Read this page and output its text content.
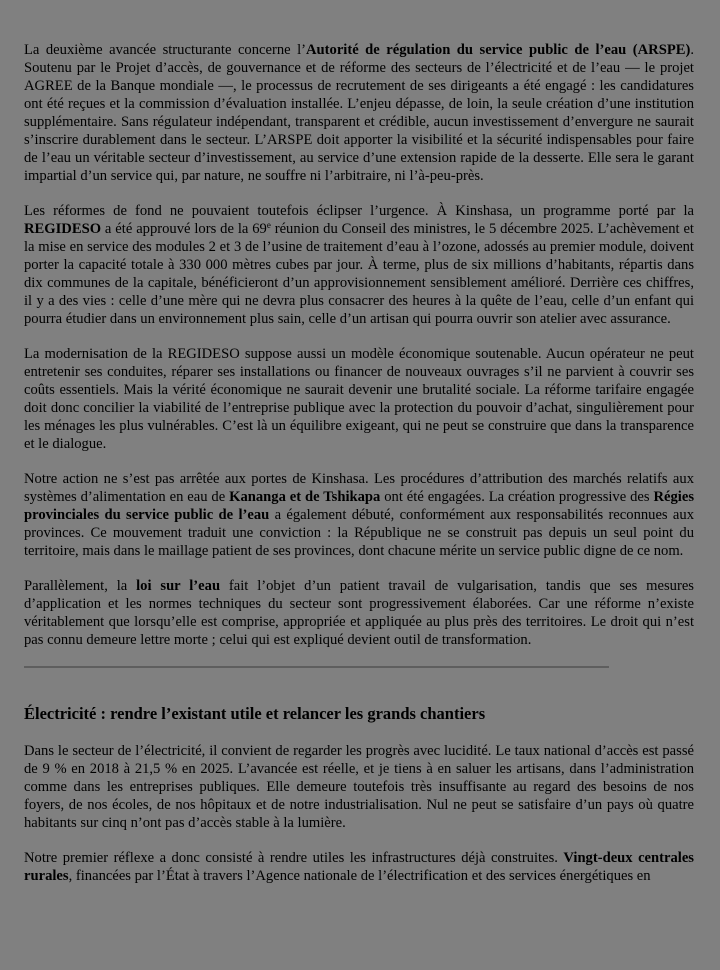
La deuxième avancée structurante concerne l’Autorité de régulation du service public de l’eau (ARSPE). Soutenu par le Projet d’accès, de gouvernance et de réforme des secteurs de l’électricité et de l’eau — le projet AGREE de la Banque mondiale —, le processus de recrutement de ses dirigeants a été engagé : les candidatures ont été reçues et la commission d’évaluation installée. L’enjeu dépasse, de loin, la seule création d’une institution supplémentaire. Sans régulateur indépendant, transparent et crédible, aucun investissement d’envergure ne saurait s’inscrire durablement dans le secteur. L’ARSPE doit apporter la visibilité et la sécurité indispensables pour faire de l’eau un véritable secteur d’investissement, au service d’une extension rapide de la desserte. Elle sera le garant impartial d’un service qui, par nature, ne souffre ni l’arbitraire, ni l’à-peu-près.

Les réformes de fond ne pouvaient toutefois éclipser l’urgence. À Kinshasa, un programme porté par la REGIDESO a été approuvé lors de la 69e réunion du Conseil des ministres, le 5 décembre 2025. L’achèvement et la mise en service des modules 2 et 3 de l’usine de traitement d’eau à l’ozone, adossés au premier module, doivent porter la capacité totale à 330 000 mètres cubes par jour. À terme, plus de six millions d’habitants, répartis dans dix communes de la capitale, bénéficieront d’un approvisionnement sensiblement amélioré. Derrière ces chiffres, il y a des vies : celle d’une mère qui ne devra plus consacrer des heures à la quête de l’eau, celle d’un enfant qui pourra étudier dans un environnement plus sain, celle d’un artisan qui pourra ouvrir son atelier avec assurance.

La modernisation de la REGIDESO suppose aussi un modèle économique soutenable. Aucun opérateur ne peut entretenir ses conduites, réparer ses installations ou financer de nouveaux ouvrages s’il ne parvient à couvrir ses coûts essentiels. Mais la vérité économique ne saurait devenir une brutalité sociale. La réforme tarifaire engagée doit donc concilier la viabilité de l’entreprise publique avec la protection du pouvoir d’achat, singulièrement pour les ménages les plus vulnérables. C’est là un équilibre exigeant, qui ne peut se construire que dans la transparence et le dialogue.

Notre action ne s’est pas arrêtée aux portes de Kinshasa. Les procédures d’attribution des marchés relatifs aux systèmes d’alimentation en eau de Kananga et de Tshikapa ont été engagées. La création progressive des Régies provinciales du service public de l’eau a également débuté, conformément aux responsabilités reconnues aux provinces. Ce mouvement traduit une conviction : la République ne se construit pas depuis un seul point du territoire, mais dans le maillage patient de ses provinces, dont chacune mérite un service public digne de ce nom.

Parallèlement, la loi sur l’eau fait l’objet d’un patient travail de vulgarisation, tandis que ses mesures d’application et les normes techniques du secteur sont progressivement élaborées. Car une réforme n’existe véritablement que lorsqu’elle est comprise, appropriée et appliquée au plus près des territoires. Le droit qui n’est pas connu demeure lettre morte ; celui qui est expliqué devient outil de transformation.

Électricité : rendre l’existant utile et relancer les grands chantiers

Dans le secteur de l’électricité, il convient de regarder les progrès avec lucidité. Le taux national d’accès est passé de 9 % en 2018 à 21,5 % en 2025. L’avancée est réelle, et je tiens à en saluer les artisans, dans l’administration comme dans les entreprises publiques. Elle demeure toutefois très insuffisante au regard des besoins de nos foyers, de nos écoles, de nos hôpitaux et de notre industrialisation. Nul ne peut se satisfaire d’un pays où quatre habitants sur cinq n’ont pas d’accès stable à la lumière.

Notre premier réflexe a donc consisté à rendre utiles les infrastructures déjà construites. Vingt-deux centrales rurales, financées par l’État à travers l’Agence nationale de l’électrification et des services énergétiques en
